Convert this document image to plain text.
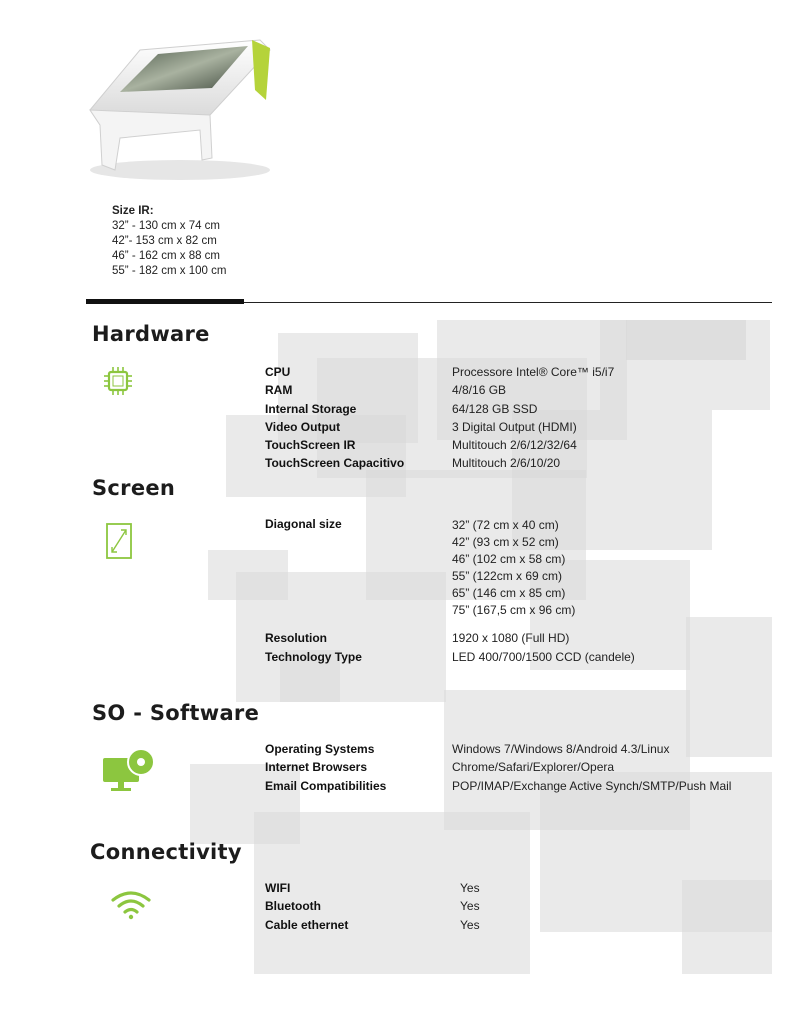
Size IR:
32” - 130 cm x 74 cm
42”- 153 cm x 82 cm
46” - 162 cm x 88 cm
55” - 182 cm x 100 cm
Hardware
CPU	Processore Intel® Core™ i5/i7
RAM	4/8/16 GB
Internal Storage	64/128 GB SSD
Video Output	3 Digital Output (HDMI)
TouchScreen IR	Multitouch 2/6/12/32/64
TouchScreen Capacitivo	Multitouch 2/6/10/20
Screen
Diagonal size	32” (72 cm x 40 cm)
42” (93 cm x 52 cm)
46” (102 cm x 58 cm)
55” (122cm x 69 cm)
65” (146 cm x 85 cm)
75” (167,5 cm x 96 cm)
Resolution	1920 x 1080 (Full HD)
Technology Type	LED 400/700/1500 CCD (candele)
SO - Software
Operating Systems	Windows 7/Windows 8/Android 4.3/Linux
Internet Browsers	Chrome/Safari/Explorer/Opera
Email Compatibilities	POP/IMAP/Exchange Active Synch/SMTP/Push Mail
Connectivity
WIFI	Yes
Bluetooth	Yes
Cable ethernet	Yes
